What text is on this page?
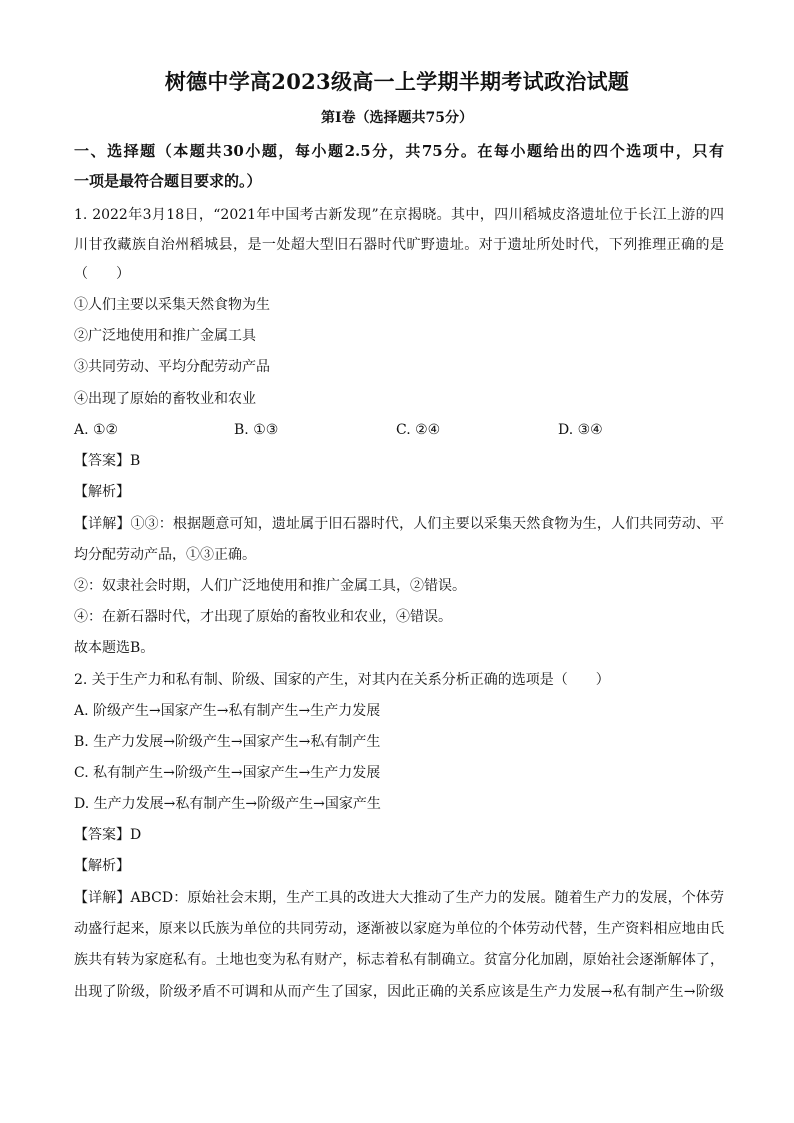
树德中学高2023级高一上学期半期考试政治试题
第Ⅰ卷（选择题共75分）
一、选择题（本题共30小题，每小题2.5分，共75分。在每小题给出的四个选项中，只有
一项是最符合题目要求的。）
1. 2022年3月18日，“2021年中国考古新发现”在京揭晓。其中，四川稻城皮洛遗址位于长江上游的四
川甘孜藏族自治州稻城县，是一处超大型旧石器时代旷野遗址。对于遗址所处时代，下列推理正确的是
（　　）
①人们主要以采集天然食物为生
②广泛地使用和推广金属工具
③共同劳动、平均分配劳动产品
④出现了原始的畜牧业和农业
A. ①②	B. ①③	C. ②④	D. ③④
【答案】B
【解析】
【详解】①③：根据题意可知，遗址属于旧石器时代，人们主要以采集天然食物为生，人们共同劳动、平
均分配劳动产品，①③正确。
②：奴隶社会时期，人们广泛地使用和推广金属工具，②错误。
④：在新石器时代，才出现了原始的畜牧业和农业，④错误。
故本题选B。
2. 关于生产力和私有制、阶级、国家的产生，对其内在关系分析正确的选项是（　　）
A. 阶级产生→国家产生→私有制产生→生产力发展
B. 生产力发展→阶级产生→国家产生→私有制产生
C. 私有制产生→阶级产生→国家产生→生产力发展
D. 生产力发展→私有制产生→阶级产生→国家产生
【答案】D
【解析】
【详解】ABCD：原始社会末期，生产工具的改进大大推动了生产力的发展。随着生产力的发展，个体劳
动盛行起来，原来以氏族为单位的共同劳动，逐渐被以家庭为单位的个体劳动代替，生产资料相应地由氏
族共有转为家庭私有。土地也变为私有财产，标志着私有制确立。贫富分化加剧，原始社会逐渐解体了，
出现了阶级，阶级矛盾不可调和从而产生了国家，因此正确的关系应该是生产力发展→私有制产生→阶级
